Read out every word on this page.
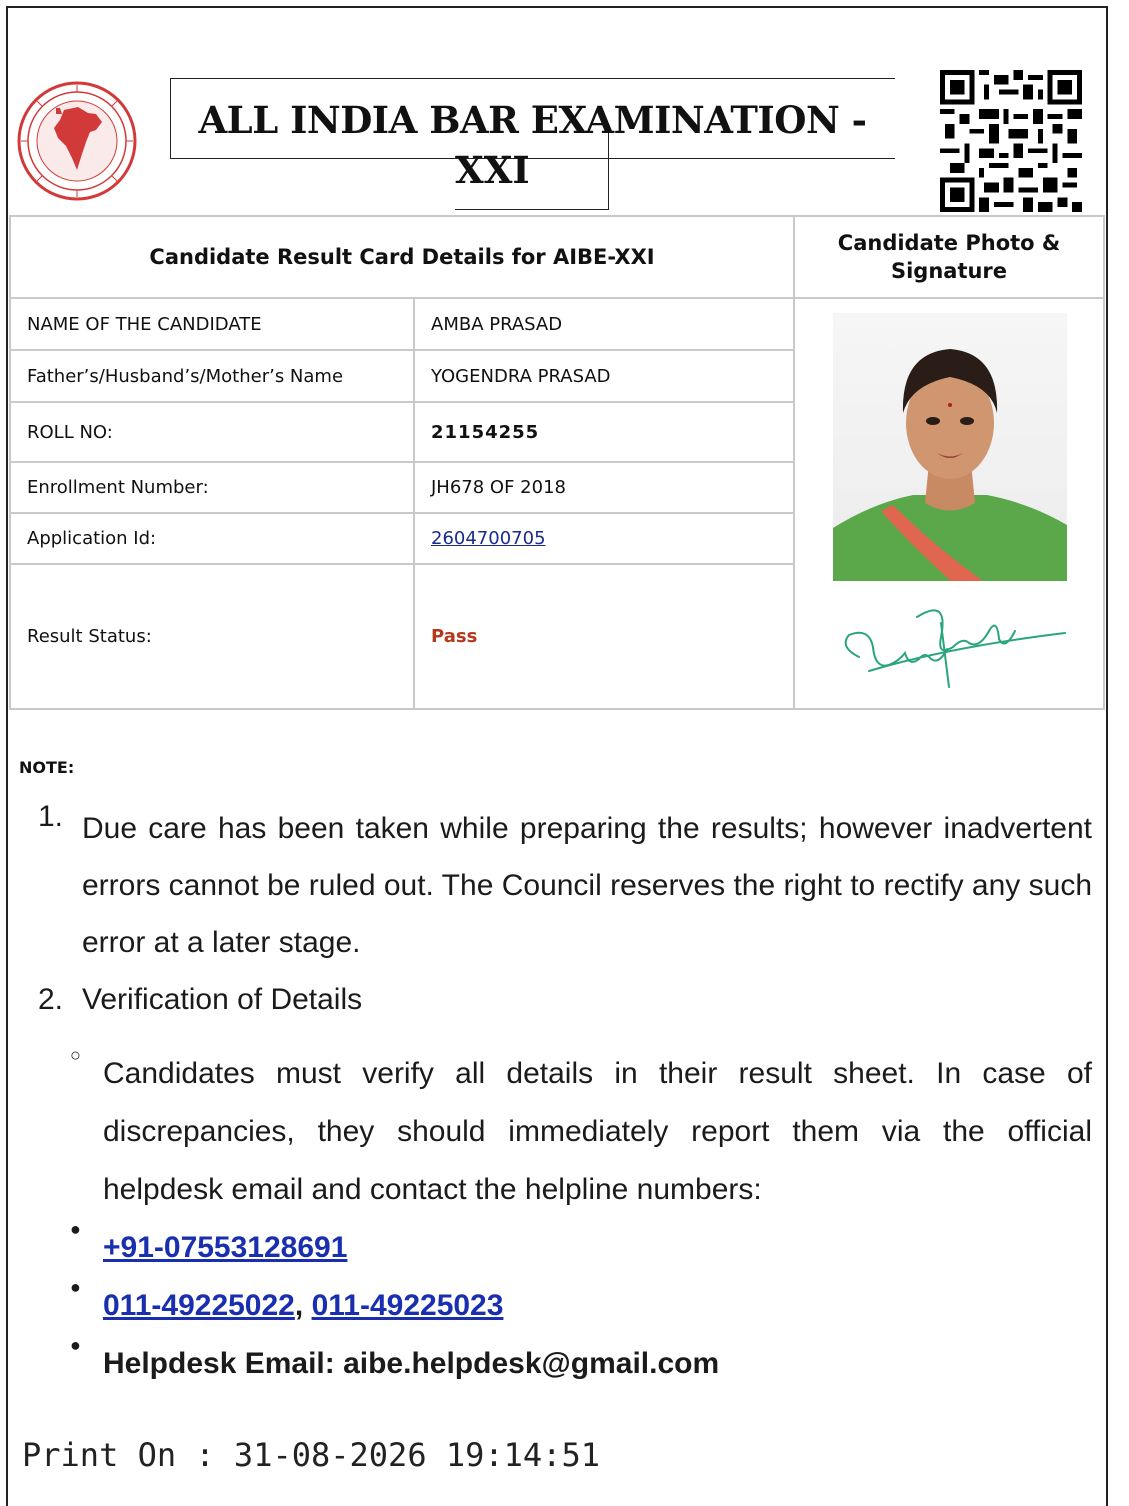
ALL INDIA BAR EXAMINATION -
XXI
Candidate Result Card Details for AIBE-XXI		Candidate Photo & Signature
NAME OF THE CANDIDATE	AMBA PRASAD	

Father’s/Husband’s/Mother’s Name	YOGENDRA PRASAD	
ROLL NO:	21154255	
Enrollment Number:	JH678 OF 2018	
Application Id:	2604700705	
Result Status:	Pass	
NOTE:
1. Due care has been taken while preparing the results; however inadvertent errors cannot be ruled out. The Council reserves the right to rectify any such error at a later stage.
2. Verification of Details
○
Candidates must verify all details in their result sheet. In case of discrepancies, they should immediately report them via the official helpdesk email and contact the helpline numbers:
●
+91-07553128691
●
011-49225022, 011-49225023
●
Helpdesk Email: aibe.helpdesk@gmail.com
Print On : 31-08-2026 19:14:51
